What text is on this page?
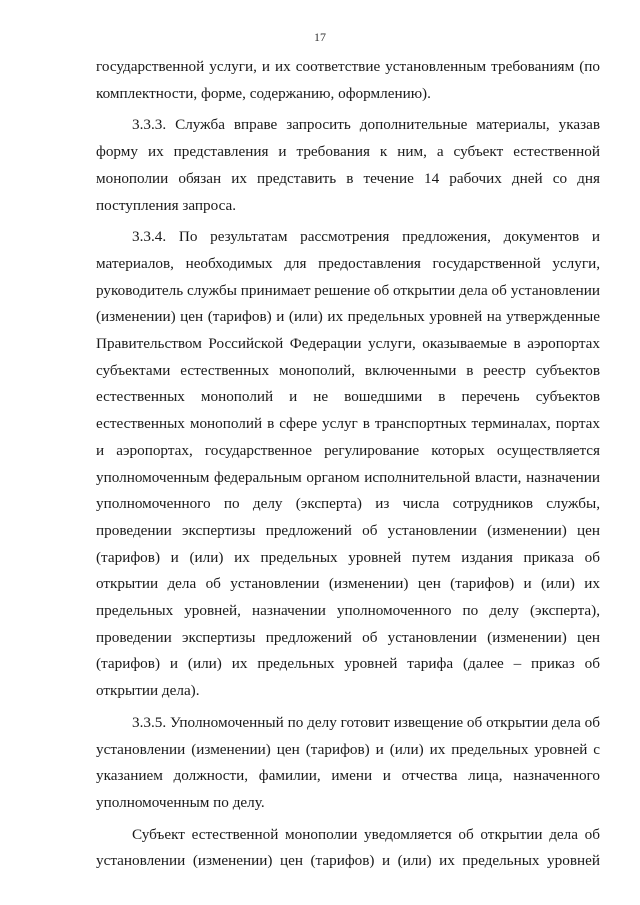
17

государственной услуги, и их соответствие установленным требованиям (по комплектности, форме, содержанию, оформлению).

3.3.3. Служба вправе запросить дополнительные материалы, указав форму их представления и требования к ним, а субъект естественной монополии обязан их представить в течение 14 рабочих дней со дня поступления запроса.

3.3.4. По результатам рассмотрения предложения, документов и материалов, необходимых для предоставления государственной услуги, руководитель службы принимает решение об открытии дела об установлении (изменении) цен (тарифов) и (или) их предельных уровней на утвержденные Правительством Российской Федерации услуги, оказываемые в аэропортах субъектами естественных монополий, включенными в реестр субъектов естественных монополий и не вошедшими в перечень субъектов естественных монополий в сфере услуг в транспортных терминалах, портах и аэропортах, государственное регулирование которых осуществляется уполномоченным федеральным органом исполнительной власти, назначении уполномоченного по делу (эксперта) из числа сотрудников службы, проведении экспертизы предложений об установлении (изменении) цен (тарифов) и (или) их предельных уровней путем издания приказа об открытии дела об установлении (изменении) цен (тарифов) и (или) их предельных уровней, назначении уполномоченного по делу (эксперта), проведении экспертизы предложений об установлении (изменении) цен (тарифов) и (или) их предельных уровней тарифа (далее – приказ об открытии дела).

3.3.5. Уполномоченный по делу готовит извещение об открытии дела об установлении (изменении) цен (тарифов) и (или) их предельных уровней с указанием должности, фамилии, имени и отчества лица, назначенного уполномоченным по делу.

Субъект естественной монополии уведомляется об открытии дела об установлении (изменении) цен (тарифов) и (или) их предельных уровней
